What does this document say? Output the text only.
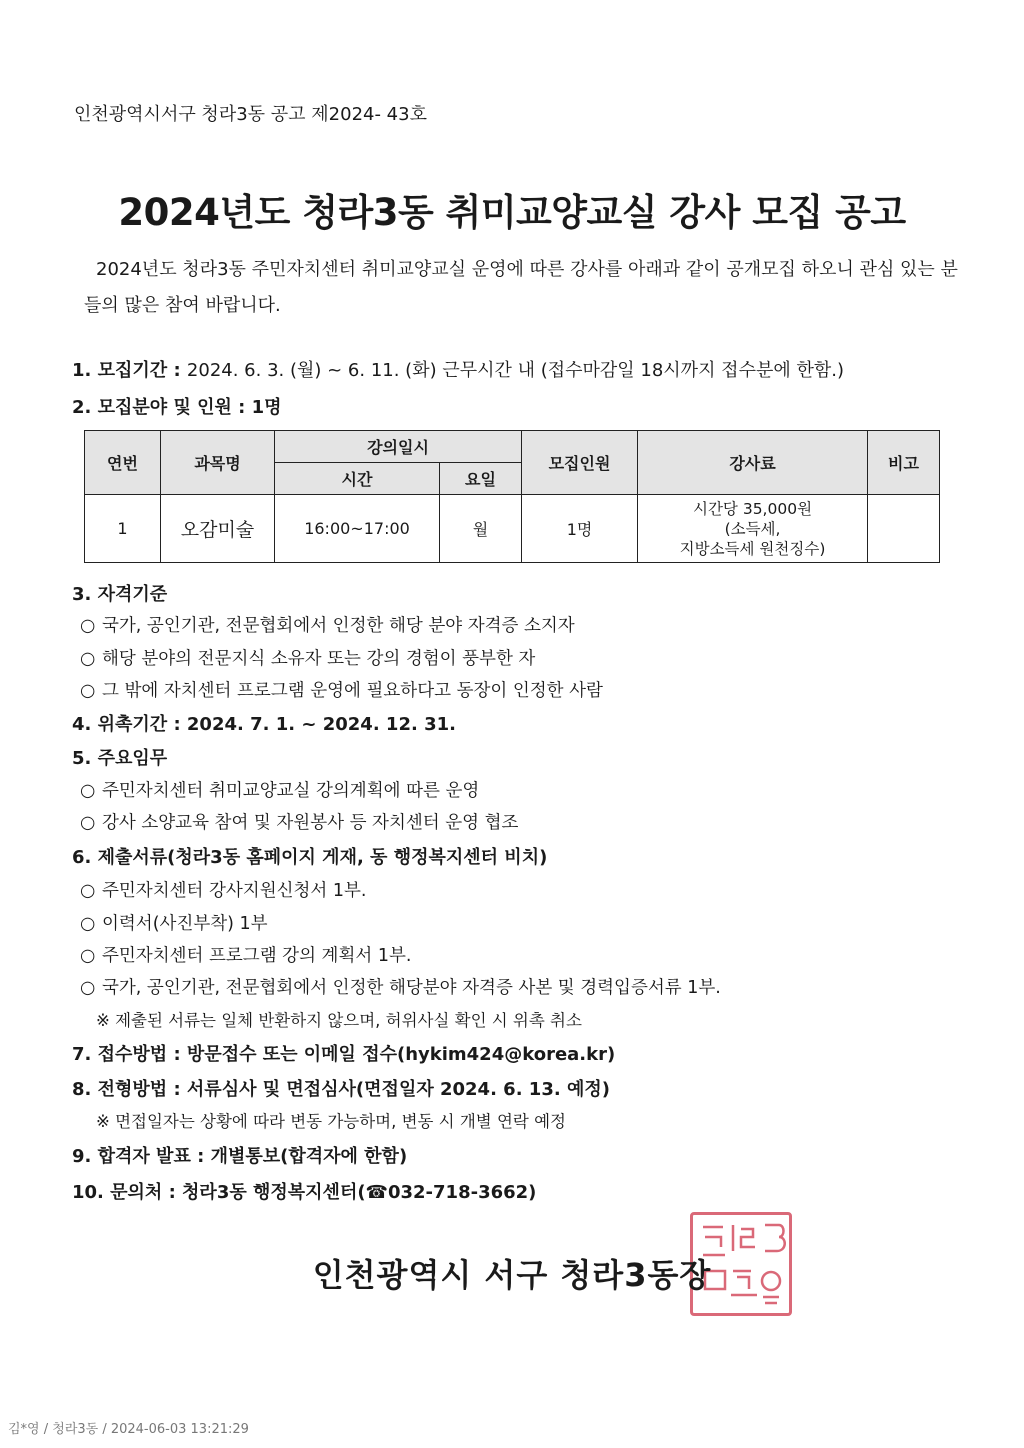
인천광역시서구 청라3동 공고 제2024- 43호
2024년도 청라3동 취미교양교실 강사 모집 공고
2024년도 청라3동 주민자치센터 취미교양교실 운영에 따른 강사를 아래과 같이 공개모집 하오니 관심 있는 분들의 많은 참여 바랍니다.
1. 모집기간 : 2024. 6. 3. (월) ~ 6. 11. (화) 근무시간 내 (접수마감일 18시까지 접수분에 한함.)
2. 모집분야 및 인원 : 1명
연번	과목명	강의일시		모집인원	강사료	비고
		시간	요일			
1	오감미술	16:00~17:00	월	1명	시간당 35,000원
(소득세,
지방소득세 원천징수)	

3. 자격기준
○ 국가, 공인기관, 전문협회에서 인정한 해당 분야 자격증 소지자
○ 해당 분야의 전문지식 소유자 또는 강의 경험이 풍부한 자
○ 그 밖에 자치센터 프로그램 운영에 필요하다고 동장이 인정한 사람
4. 위촉기간 : 2024. 7. 1. ~ 2024. 12. 31.
5. 주요임무
○ 주민자치센터 취미교양교실 강의계획에 따른 운영
○ 강사 소양교육 참여 및 자원봉사 등 자치센터 운영 협조
6. 제출서류(청라3동 홈페이지 게재, 동 행정복지센터 비치)
○ 주민자치센터 강사지원신청서 1부.
○ 이력서(사진부착) 1부
○ 주민자치센터 프로그램 강의 계획서 1부.
○ 국가, 공인기관, 전문협회에서 인정한 해당분야 자격증 사본 및 경력입증서류 1부.
※ 제출된 서류는 일체 반환하지 않으며, 허위사실 확인 시 위촉 취소
7. 접수방법 : 방문접수 또는 이메일 접수(hykim424@korea.kr)
8. 전형방법 : 서류심사 및 면접심사(면접일자 2024. 6. 13. 예정)
※ 면접일자는 상황에 따라 변동 가능하며, 변동 시 개별 연락 예정
9. 합격자 발표 : 개별통보(합격자에 한함)
10. 문의처 : 청라3동 행정복지센터(☎032-718-3662)
인천광역시 서구 청라3동장
김*영 / 청라3동 / 2024-06-03 13:21:29
